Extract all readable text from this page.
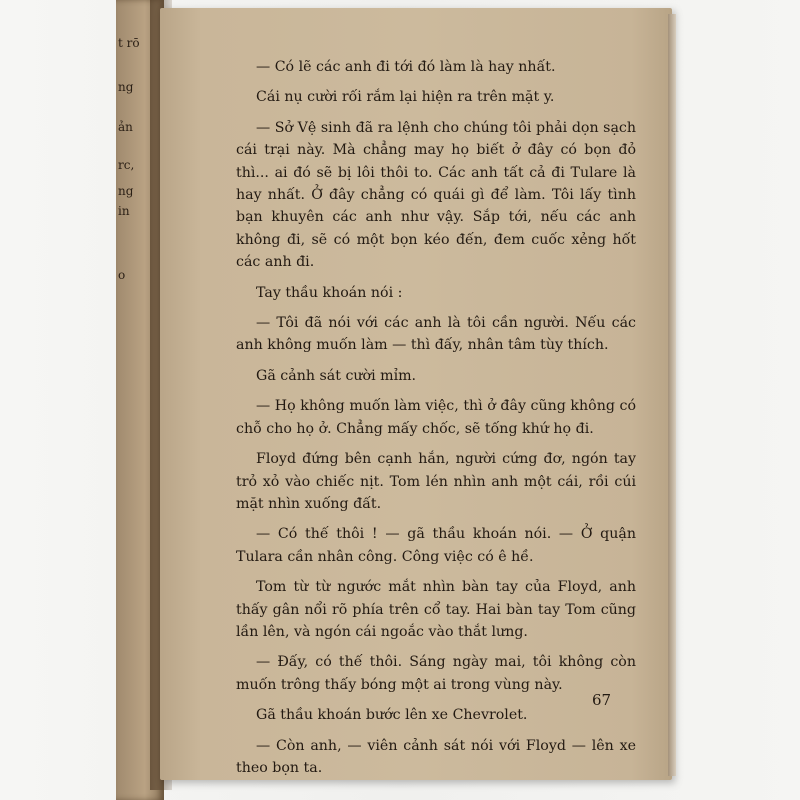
t rō
ng
ản
rc,
ng
in
o

— Có lẽ các anh đi tới đó làm là hay nhất.

Cái nụ cười rối rắm lại hiện ra trên mặt y.

— Sở Vệ sinh đã ra lệnh cho chúng tôi phải dọn sạch cái trại này. Mà chẳng may họ biết ở đây có bọn đỏ thì... ai đó sẽ bị lôi thôi to. Các anh tất cả đi Tulare là hay nhất. Ở đây chẳng có quái gì để làm. Tôi lấy tình bạn khuyên các anh như vậy. Sắp tới, nếu các anh không đi, sẽ có một bọn kéo đến, đem cuốc xẻng hốt các anh đi.

Tay thầu khoán nói :

— Tôi đã nói với các anh là tôi cần người. Nếu các anh không muốn làm — thì đấy, nhân tâm tùy thích.

Gã cảnh sát cười mỉm.

— Họ không muốn làm việc, thì ở đây cũng không có chỗ cho họ ở. Chẳng mấy chốc, sẽ tống khứ họ đi.

Floyd đứng bên cạnh hắn, người cứng đơ, ngón tay trỏ xỏ vào chiếc nịt. Tom lén nhìn anh một cái, rồi cúi mặt nhìn xuống đất.

— Có thế thôi ! — gã thầu khoán nói. — Ở quận Tulara cần nhân công. Công việc có ê hề.

Tom từ từ ngước mắt nhìn bàn tay của Floyd, anh thấy gân nổi rõ phía trên cổ tay. Hai bàn tay Tom cũng lần lên, và ngón cái ngoắc vào thắt lưng.

— Đấy, có thế thôi. Sáng ngày mai, tôi không còn muốn trông thấy bóng một ai trong vùng này.

Gã thầu khoán bước lên xe Chevrolet.

— Còn anh, — viên cảnh sát nói với Floyd — lên xe theo bọn ta.

67
